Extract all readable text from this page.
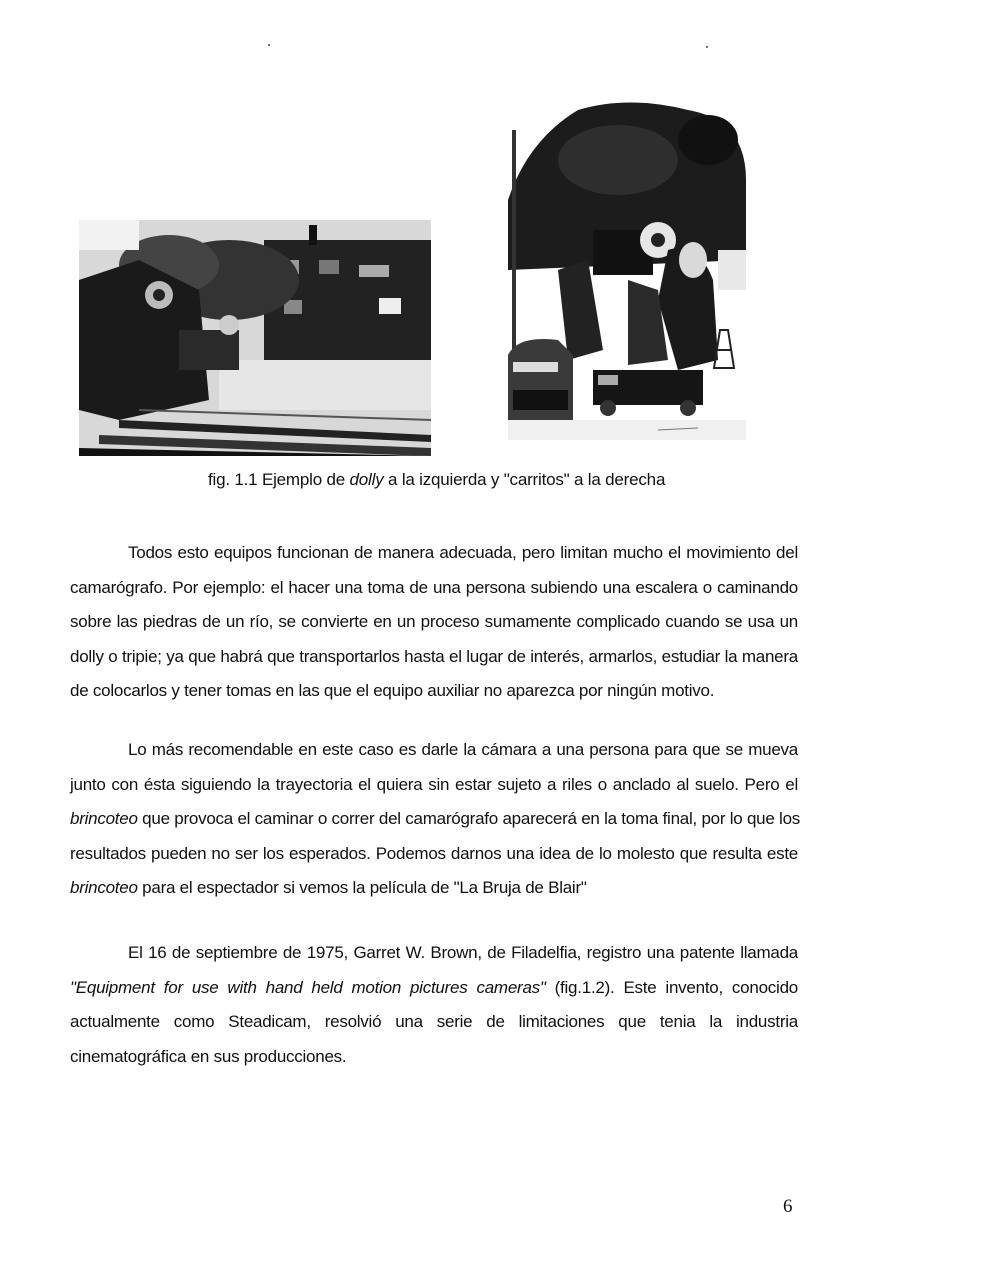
fig. 1.1 Ejemplo de dolly a la izquierda y "carritos" a la derecha
Todos esto equipos funcionan de manera adecuada, pero limitan mucho el movimiento del
camarógrafo. Por ejemplo: el hacer una toma de una persona subiendo una escalera o caminando
sobre las piedras de un río, se convierte en un proceso sumamente complicado cuando se usa un
dolly o tripie; ya que habrá que transportarlos hasta el lugar de interés, armarlos, estudiar la manera
de colocarlos y tener tomas en las que el equipo auxiliar no aparezca por ningún motivo.
Lo más recomendable en este caso es darle la cámara a una persona para que se mueva
junto con ésta siguiendo la trayectoria el quiera sin estar sujeto a riles o anclado al suelo. Pero el
brincoteo que provoca el caminar o correr del camarógrafo aparecerá en la toma final, por lo que los
resultados pueden no ser los esperados. Podemos darnos una idea de lo molesto que resulta este
brincoteo para el espectador si vemos la película de "La Bruja de Blair"
El 16 de septiembre de 1975, Garret W. Brown, de Filadelfia, registro una patente llamada
"Equipment for use with hand held motion pictures cameras" (fig.1.2). Este invento, conocido
actualmente como Steadicam, resolvió una serie de limitaciones que tenia la industria
cinematográfica en sus producciones.
6
